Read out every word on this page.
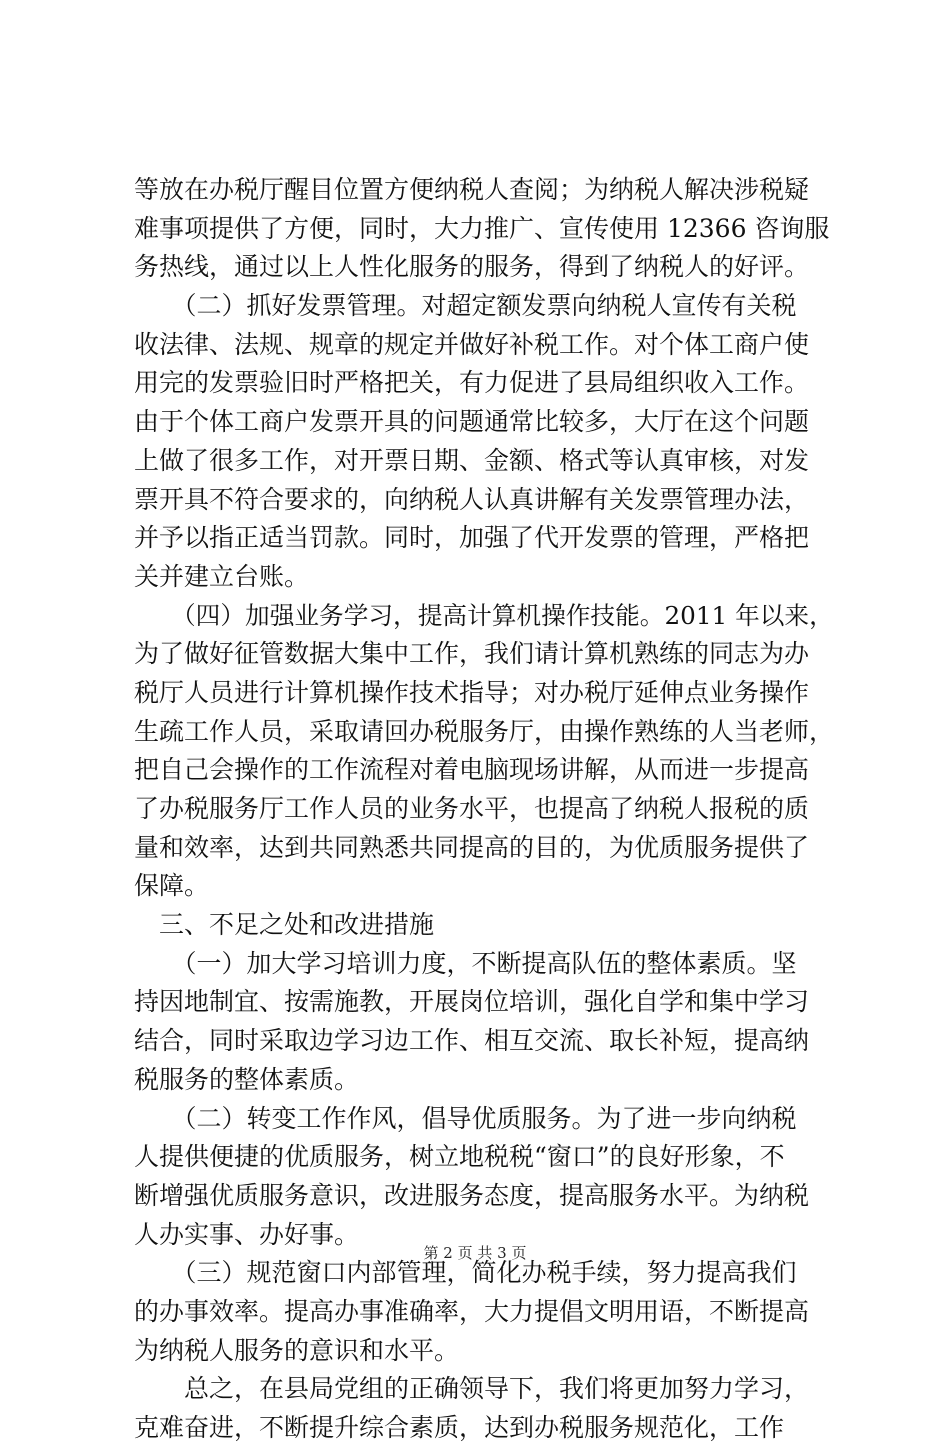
等放在办税厅醒目位置方便纳税人查阅；为纳税人解决涉税疑
难事项提供了方便，同时，大力推广、宣传使用 12366 咨询服
务热线，通过以上人性化服务的服务，得到了纳税人的好评。
　　（二）抓好发票管理。对超定额发票向纳税人宣传有关税
收法律、法规、规章的规定并做好补税工作。对个体工商户使
用完的发票验旧时严格把关，有力促进了县局组织收入工作。
由于个体工商户发票开具的问题通常比较多，大厅在这个问题
上做了很多工作，对开票日期、金额、格式等认真审核，对发
票开具不符合要求的，向纳税人认真讲解有关发票管理办法，
并予以指正适当罚款。同时，加强了代开发票的管理，严格把
关并建立台账。
　　（四）加强业务学习，提高计算机操作技能。2011 年以来，
为了做好征管数据大集中工作，我们请计算机熟练的同志为办
税厅人员进行计算机操作技术指导；对办税厅延伸点业务操作
生疏工作人员，采取请回办税服务厅，由操作熟练的人当老师，
把自己会操作的工作流程对着电脑现场讲解，从而进一步提高
了办税服务厅工作人员的业务水平，也提高了纳税人报税的质
量和效率，达到共同熟悉共同提高的目的，为优质服务提供了
保障。
　三、不足之处和改进措施
　　（一）加大学习培训力度，不断提高队伍的整体素质。坚
持因地制宜、按需施教，开展岗位培训，强化自学和集中学习
结合，同时采取边学习边工作、相互交流、取长补短，提高纳
税服务的整体素质。
　　（二）转变工作作风，倡导优质服务。为了进一步向纳税
人提供便捷的优质服务，树立地税税“窗口”的良好形象，不
断增强优质服务意识，改进服务态度，提高服务水平。为纳税
人办实事、办好事。
　　（三）规范窗口内部管理，简化办税手续，努力提高我们
的办事效率。提高办事准确率，大力提倡文明用语，不断提高
为纳税人服务的意识和水平。
　　总之，在县局党组的正确领导下，我们将更加努力学习，
克难奋进，不断提升综合素质，达到办税服务规范化，工作
第 2 页 共 3 页
